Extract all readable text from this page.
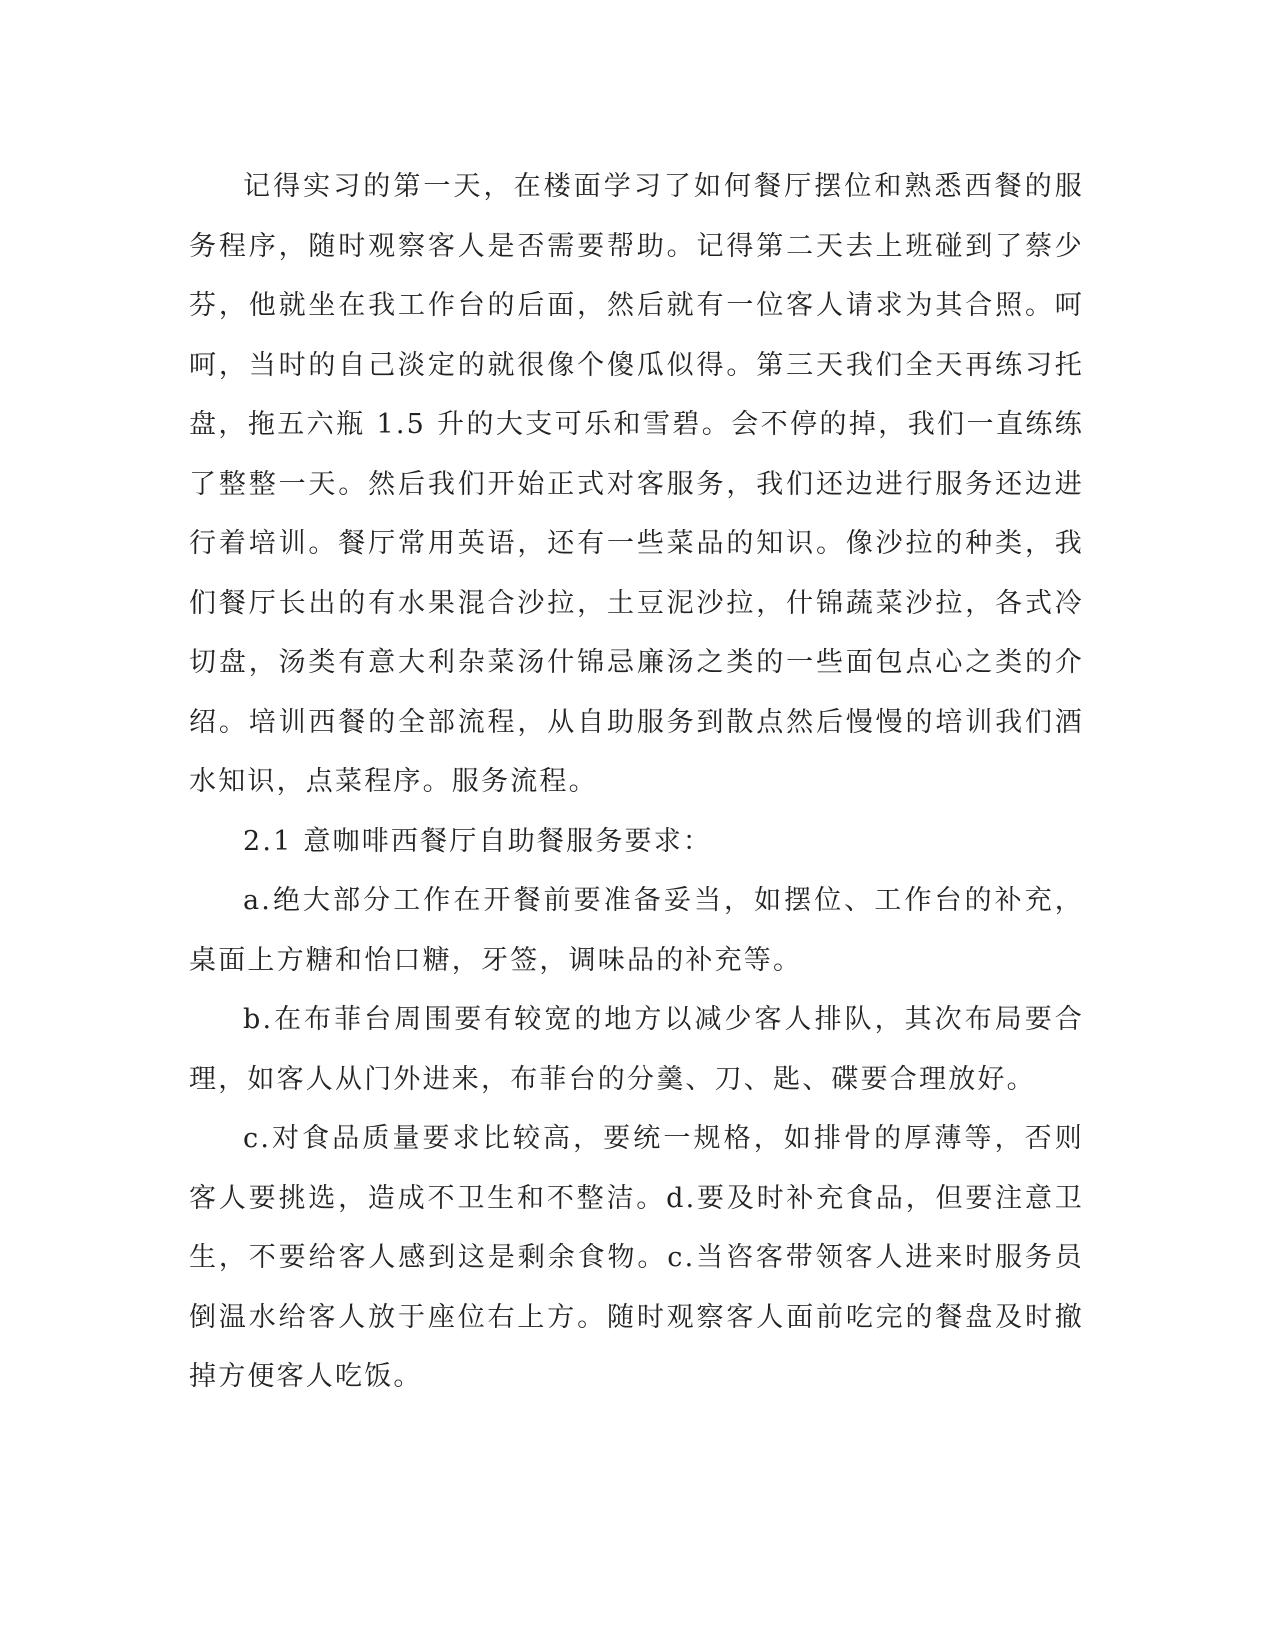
记得实习的第一天，在楼面学习了如何餐厅摆位和熟悉西餐的服务程序，随时观察客人是否需要帮助。记得第二天去上班碰到了蔡少芬，他就坐在我工作台的后面，然后就有一位客人请求为其合照。呵呵，当时的自己淡定的就很像个傻瓜似得。第三天我们全天再练习托盘，拖五六瓶 1.5 升的大支可乐和雪碧。会不停的掉，我们一直练练了整整一天。然后我们开始正式对客服务，我们还边进行服务还边进行着培训。餐厅常用英语，还有一些菜品的知识。像沙拉的种类，我们餐厅长出的有水果混合沙拉，土豆泥沙拉，什锦蔬菜沙拉，各式冷切盘，汤类有意大利杂菜汤什锦忌廉汤之类的一些面包点心之类的介绍。培训西餐的全部流程，从自助服务到散点然后慢慢的培训我们酒水知识，点菜程序。服务流程。

2.1 意咖啡西餐厅自助餐服务要求：

a.绝大部分工作在开餐前要准备妥当，如摆位、工作台的补充，桌面上方糖和怡口糖，牙签，调味品的补充等。

b.在布菲台周围要有较宽的地方以减少客人排队，其次布局要合理，如客人从门外进来，布菲台的分羹、刀、匙、碟要合理放好。

c.对食品质量要求比较高，要统一规格，如排骨的厚薄等，否则客人要挑选，造成不卫生和不整洁。d.要及时补充食品，但要注意卫生，不要给客人感到这是剩余食物。c.当咨客带领客人进来时服务员倒温水给客人放于座位右上方。随时观察客人面前吃完的餐盘及时撤掉方便客人吃饭。
